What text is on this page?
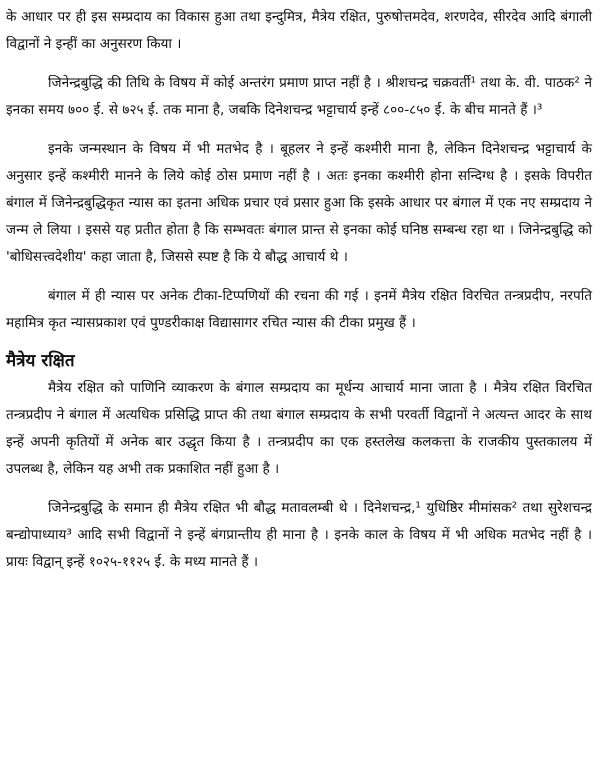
के आधार पर ही इस सम्प्रदाय का विकास हुआ तथा इन्दुमित्र, मैत्रेय रक्षित, पुरुषोत्तमदेव, शरणदेव, सीरदेव आदि बंगाली विद्वानों ने इन्हीं का अनुसरण किया ।

जिनेन्द्रबुद्धि की तिथि के विषय में कोई अन्तरंग प्रमाण प्राप्त नहीं है । श्रीशचन्द्र चक्रवर्ती¹ तथा के. वी. पाठक² ने इनका समय ७०० ई. से ७२५ ई. तक माना है, जबकि दिनेशचन्द्र भट्टाचार्य इन्हें ८००-८५० ई. के बीच मानते हैं ।³

इनके जन्मस्थान के विषय में भी मतभेद है । बूहलर ने इन्हें कश्मीरी माना है, लेकिन दिनेशचन्द्र भट्टाचार्य के अनुसार इन्हें कश्मीरी मानने के लिये कोई ठोस प्रमाण नहीं है । अतः इनका कश्मीरी होना सन्दिग्ध है । इसके विपरीत बंगाल में जिनेन्द्रबुद्धिकृत न्यास का इतना अधिक प्रचार एवं प्रसार हुआ कि इसके आधार पर बंगाल में एक नए सम्प्रदाय ने जन्म ले लिया । इससे यह प्रतीत होता है कि सम्भवतः बंगाल प्रान्त से इनका कोई घनिष्ठ सम्बन्ध रहा था । जिनेन्द्रबुद्धि को 'बोधिसत्त्वदेशीय' कहा जाता है, जिससे स्पष्ट है कि ये बौद्ध आचार्य थे ।

बंगाल में ही न्यास पर अनेक टीका-टिप्पणियों की रचना की गई । इनमें मैत्रेय रक्षित विरचित तन्त्रप्रदीप, नरपति महामित्र कृत न्यासप्रकाश एवं पुण्डरीकाक्ष विद्यासागर रचित न्यास की टीका प्रमुख हैं ।

मैत्रेय रक्षित

मैत्रेय रक्षित को पाणिनि व्याकरण के बंगाल सम्प्रदाय का मूर्धन्य आचार्य माना जाता है । मैत्रेय रक्षित विरचित तन्त्रप्रदीप ने बंगाल में अत्यधिक प्रसिद्धि प्राप्त की तथा बंगाल सम्प्रदाय के सभी परवर्ती विद्वानों ने अत्यन्त आदर के साथ इन्हें अपनी कृतियों में अनेक बार उद्धृत किया है । तन्त्रप्रदीप का एक हस्तलेख कलकत्ता के राजकीय पुस्तकालय में उपलब्ध है, लेकिन यह अभी तक प्रकाशित नहीं हुआ है ।

जिनेन्द्रबुद्धि के समान ही मैत्रेय रक्षित भी बौद्ध मतावलम्बी थे । दिनेशचन्द्र,¹ युधिष्ठिर मीमांसक² तथा सुरेशचन्द्र बन्द्योपाध्याय³ आदि सभी विद्वानों ने इन्हें बंगप्रान्तीय ही माना है । इनके काल के विषय में भी अधिक मतभेद नहीं है । प्रायः विद्वान् इन्हें १०२५-११२५ ई. के मध्य मानते हैं ।
